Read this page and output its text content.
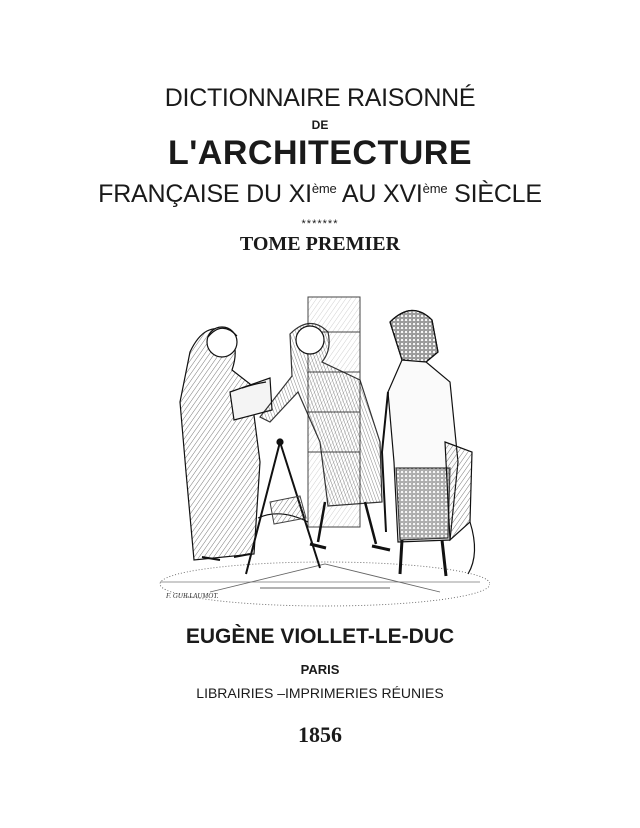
DICTIONNAIRE RAISONNÉ
DE
L'ARCHITECTURE
FRANÇAISE DU XIème AU XVIème SIÈCLE
*******
TOME PREMIER
F. GUILLAUMOT.
EUGÈNE VIOLLET-LE-DUC
PARIS
LIBRAIRIES –IMPRIMERIES RÉUNIES
1856
